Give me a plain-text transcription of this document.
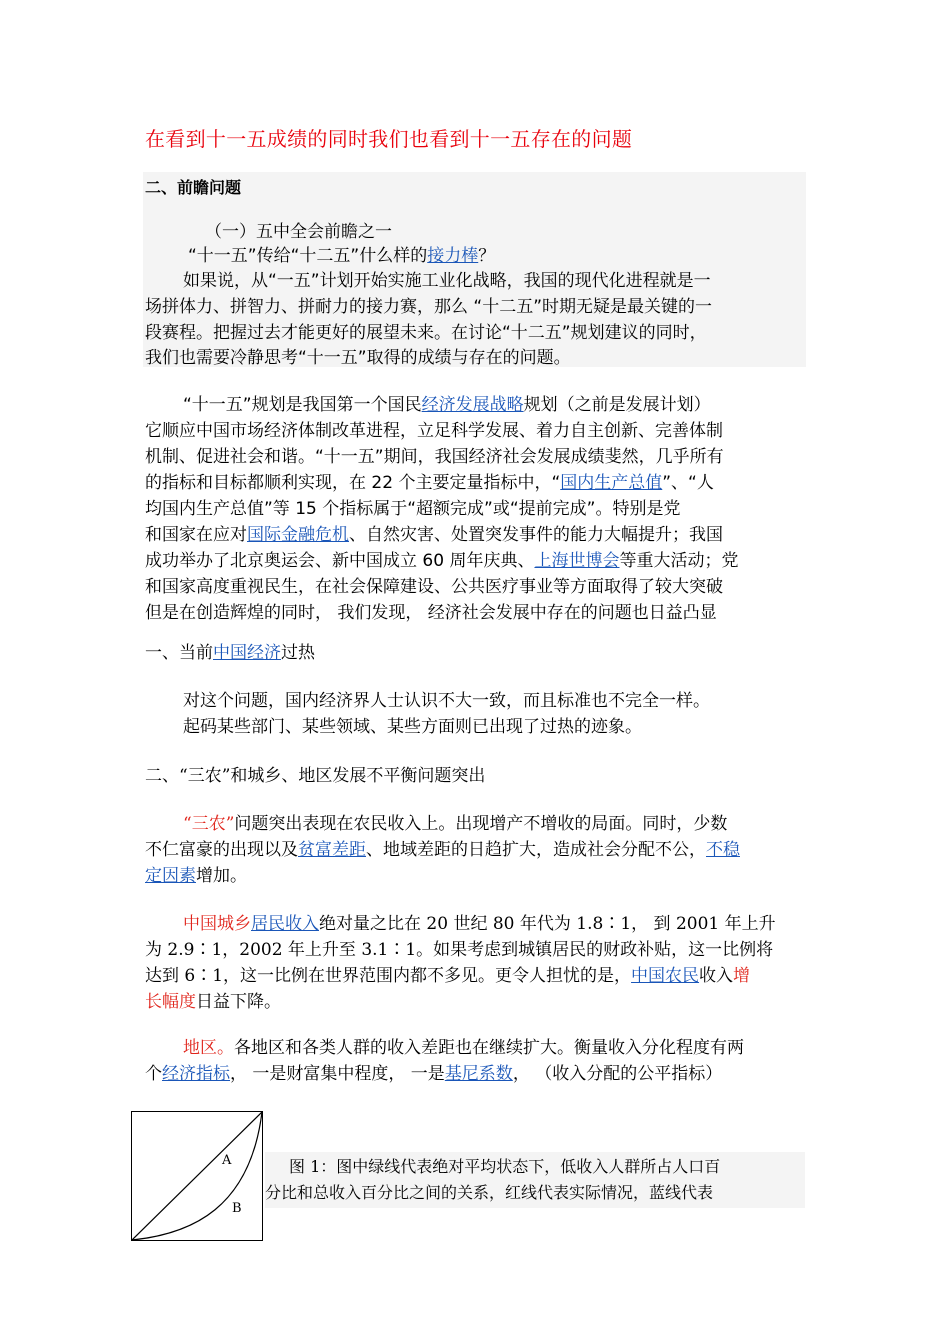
在看到十一五成绩的同时我们也看到十一五存在的问题
二、前瞻问题
（一）五中全会前瞻之一
“十一五”传给“十二五”什么样的接力棒？
如果说，从“一五”计划开始实施工业化战略，我国的现代化进程就是一
场拼体力、拼智力、拼耐力的接力赛，那么 “十二五”时期无疑是最关键的一
段赛程。把握过去才能更好的展望未来。在讨论“十二五”规划建议的同时，
我们也需要冷静思考“十一五”取得的成绩与存在的问题。
“十一五”规划是我国第一个国民经济发展战略规划（之前是发展计划）
它顺应中国市场经济体制改革进程，立足科学发展、着力自主创新、完善体制
机制、促进社会和谐。“十一五”期间，我国经济社会发展成绩斐然，几乎所有
的指标和目标都顺利实现，在 22 个主要定量指标中，“国内生产总值”、“人
均国内生产总值”等 15 个指标属于“超额完成”或“提前完成”。特别是党
和国家在应对国际金融危机、自然灾害、处置突发事件的能力大幅提升；我国
成功举办了北京奥运会、新中国成立 60 周年庆典、上海世博会等重大活动；党
和国家高度重视民生，在社会保障建设、公共医疗事业等方面取得了较大突破
但是在创造辉煌的同时， 我们发现， 经济社会发展中存在的问题也日益凸显
一、当前中国经济过热
对这个问题，国内经济界人士认识不大一致，而且标准也不完全一样。
起码某些部门、某些领域、某些方面则已出现了过热的迹象。
二、“三农”和城乡、地区发展不平衡问题突出
“三农”问题突出表现在农民收入上。出现增产不增收的局面。同时，少数
不仁富豪的出现以及贫富差距、地域差距的日趋扩大，造成社会分配不公，不稳
定因素增加。
中国城乡居民收入绝对量之比在 20 世纪 80 年代为 1.8∶1， 到 2001 年上升
为 2.9∶1，2002 年上升至 3.1∶1。如果考虑到城镇居民的财政补贴，这一比例将
达到 6∶1，这一比例在世界范围内都不多见。更令人担忧的是，中国农民收入增
长幅度日益下降。
地区。各地区和各类人群的收入差距也在继续扩大。衡量收入分化程度有两
个经济指标， 一是财富集中程度， 一是基尼系数， （收入分配的公平指标）
A
B
图 1：图中绿线代表绝对平均状态下，低收入人群所占人口百
分比和总收入百分比之间的关系，红线代表实际情况，蓝线代表
